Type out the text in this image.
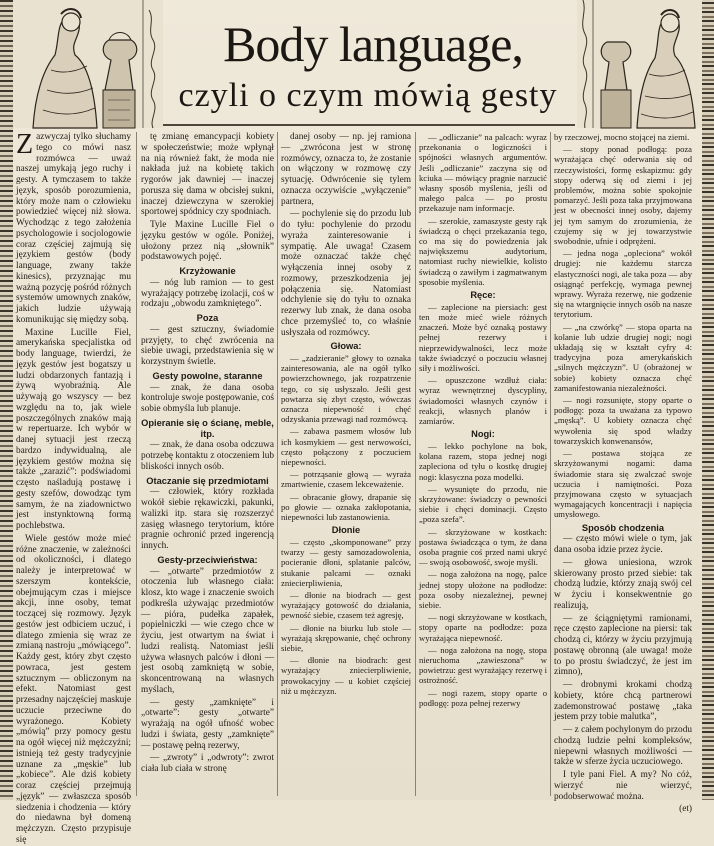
Body language,
czyli o czym mówią gesty

Zazwyczaj tylko słuchamy tego co mówi nasz rozmówca — uważ naszej umykają jego ruchy i gesty. A tymczasem to także język, sposób porozumienia, który może nam o człowieku powiedzieć więcej niż słowa. Wychodząc z tego założenia psychologowie i socjologowie coraz częściej zajmują się językiem gestów (body language, zwany także kinesics), przyznając mu ważną pozycję pośród różnych systemów umownych znaków, jakich ludzie używają komunikując się między sobą.

Maxine Lucille Fiel, amerykańska specjalistka od body language, twierdzi, że język gestów jest bogatszy u ludzi obdarzonych fantazją i żywą wyobraźnią. Ale używają go wszyscy — bez względu na to, jak wiele poszczególnych znaków mają w repertuarze. Ich wybór w danej sytuacji jest rzeczą bardzo indywidualną, ale językiem gestów można się także „zarazić”: podświadomi często naśladują postawę i gesty szefów, dowodząc tym samym, że na ziadownictwo jest instynktowną formą pochlebstwa.

Wiele gestów może mieć różne znaczenie, w zależności od okoliczności, i dlatego należy je interpretować w szerszym kontekście, obejmującym czas i miejsce akcji, inne osoby, temat toczącej się rozmowy. Język gestów jest odbiciem uczuć, i dlatego zmienia się wraz ze zmianą nastroju „mówiącego”. Każdy gest, który zbyt często powraca, jest gestem sztucznym — obliczonym na efekt. Natomiast gest przesadny najczęściej maskuje uczucie przeciwne do wyrażonego. Kobiety „mówią” przy pomocy gestu na ogół więcej niż mężczyźni; istnieją też gesty tradycyjnie uznane za „męskie” lub „kobiece”. Ale dziś kobiety coraz częściej przejmują „język” — zwłaszcza sposób siedzenia i chodzenia — który do niedawna był domeną mężczyzn. Często przypisuje się

tę zmianę emancypacji kobiety w społeczeństwie; może wpłynął na nią również fakt, że moda nie nakłada już na kobietę takich rygorów jak dawniej — inaczej porusza się dama w obcisłej sukni, inaczej dziewczyna w szerokiej sportowej spódnicy czy spodniach.

Tyle Maxine Lucille Fiel o języku gestów w ogóle. Poniżej, ułożony przez nią „słownik” podstawowych pojęć.

Krzyżowanie

— nóg lub ramion — to gest wyrażający potrzebę izolacji, coś w rodzaju „obwodu zamkniętego”.

Poza

— gest sztuczny, świadomie przyjęty, to chęć zwrócenia na siebie uwagi, przedstawienia się w korzystnym świetle.

Gesty powolne, staranne

— znak, że dana osoba kontroluje swoje postępowanie, coś sobie obmyśla lub planuje.

Opieranie się o ścianę, meble, itp.

— znak, że dana osoba odczuwa potrzebę kontaktu z otoczeniem lub bliskości innych osób.

Otaczanie się przedmiotami

— człowiek, który rozkłada wokół siebie rękawiczki, pakunki, walizki itp. stara się rozszerzyć zasięg własnego terytorium, które pragnie ochronić przed ingerencją innych.

Gesty-przeciwieństwa:

— „otwarte” przedmiotów z otoczenia lub własnego ciała: klosz, kto wage i znaczenie swoich podkreśla używając przedmiotów — pióra, pudełka zapałek, popielniczki — wie czego chce w życiu, jest otwartym na świat i ludzi realistą. Natomiast jeśli używa własnych palców i dłoni — jest osobą zamkniętą w sobie, skoncentrowaną na własnych myślach,

— gesty „zamknięte” i „otwarte”: gesty „otwarte” wyrażają na ogół ufność wobec ludzi i świata, gesty „zamknięte” — postawę pełną rezerwy,

— „zwroty” i „odwroty”: zwrot ciała lub ciała w stronę

danej osoby — np. jej ramiona — „zwrócona jest w stronę rozmówcy, oznacza to, że zostanie on włączony w rozmowę czy sytuację. Odwrócenie się tylem oznacza oczywiście „wyłączenie” partnera,

— pochylenie się do przodu lub do tyłu: pochylenie do przodu wyraża zainteresowanie i sympatię. Ale uwaga! Czasem może oznaczać także chęć wyłączenia innej osoby z rozmowy, przeszkodzenia jej połączenia się. Natomiast odchylenie się do tyłu to oznaka rezerwy lub znak, że dana osoba chce przemyśleć to, co właśnie usłyszała od rozmówcy.

Głowa:

— „zadzieranie” głowy to oznaka zainteresowania, ale na ogół tylko powierzchownego, jak rozpatrzenie tego, co się usłyszało. Jeśli gest powtarza się zbyt często, wówczas oznacza niepewność i chęć odzyskania przewagi nad rozmówcą.

— zabawa pasmem włosów lub ich kosmykiem — gest nerwowości, często połączony z poczuciem niepewności.

— potrząsanie głową — wyraża zmartwienie, czasem lekceważenie.

— obracanie głowy, drapanie się po głowie — oznaka zakłopotania, niepewności lub zastanowienia.

Dłonie

— często „skomponowane” przy twarzy — gesty samozadowolenia, pocieranie dłoni, splatanie palców, stukanie palcami — oznaki zniecierpliwienia,

— dłonie na biodrach — gest wyrażający gotowość do działania, pewność siebie, czasem też agresję,

— dłonie na biurku lub stole — wyrażają skrępowanie, chęć ochrony siebie,

— dłonie na biodrach: gest wyrażający zniecierpliwienie, prowokacyjny — u kobiet częściej niż u mężczyzn.

— „odliczanie” na palcach: wyraz przekonania o logiczności i spójności własnych argumentów. Jeśli „odliczanie” zaczyna się od kciuka — mówiący pragnie narzucić własny sposób myślenia, jeśli od małego palca — po prostu przekazuje nam informacje.

— szerokie, zamaszyste gesty rąk świadczą o chęci przekazania tego, co ma się do powiedzenia jak największemu audytorium, natomiast ruchy niewielkie, kolisto świadczą o zawiłym i zagmatwanym sposobie myślenia.

Ręce:

— zaplecione na piersiach: gest ten może mieć wiele różnych znaczeń. Może być oznaką postawy pełnej rezerwy i nieprzewidywalności, lecz może także świadczyć o poczuciu własnej siły i możliwości.

— opuszczone wzdłuż ciała: wyraz wewnętrznej dyscypliny, świadomości własnych czynów i reakcji, własnych planów i zamiarów.

Nogi:

— lekko pochylone na bok, kolana razem, stopa jednej nogi zapleciona od tyłu o kostkę drugiej nogi: klasyczna poza modelki.

— wysunięte do przodu, nie skrzyżowane: świadczy o pewności siebie i chęci dominacji. Często „poza szefa”.

— skrzyżowane w kostkach: postawa świadcząca o tym, że dana osoba pragnie coś przed nami ukryć — swoją osobowość, swoje myśli.

— noga założona na nogę, palce jednej stopy ułożone na podłodze: poza osoby niezależnej, pewnej siebie.

— nogi skrzyżowane w kostkach, stopy oparte na podłodze: poza wyrażająca niepewność.

— noga założona na nogę, stopa nieruchoma „zawieszona” w powietrzu: gest wyrażający rezerwę i ostrożność.

— nogi razem, stopy oparte o podłogę: poza pełnej rezerwy

by rzeczowej, mocno stojącej na ziemi.

— stopy ponad podłogą: poza wyrażająca chęć oderwania się od rzeczywistości, formę eskapizmu: gdy stopy oderwą się od ziemi i jej problemów, można sobie spokojnie pomarzyć. Jeśli poza taka przyjmowana jest w obecności innej osoby, dajemy jej tym samym do zrozumienia, że czujemy się w jej towarzystwie swobodnie, ufnie i odprężeni.

— jedna noga „opleciona” wokół drugiej: nie każdemu starcza elastyczności nogi, ale taka poza — aby osiągnąć perfekcję, wymaga pewnej wprawy. Wyraża rezerwę, nie godzenie się na wtargnięcie innych osób na nasze terytorium.

— „na czwórkę” — stopa oparta na kolanie lub udzie drugiej nogi; nogi układają się w kształt cyfry 4: tradycyjna poza amerykańskich „silnych mężczyzn”. U (obrażonej w sobie) kobiety oznacza chęć zamanifestowania niezależności.

— nogi rozsunięte, stopy oparte o podłogę: poza ta uważana za typowo „męską”. U kobiety oznacza chęć wywołenia się spod władzy towarzyskich konwenansów,

— postawa stojąca ze skrzyżowanymi nogami: dama świadomie stara się zwalczać swoje uczucia i namiętności. Poza przyjmowana często w sytuacjach wymagających koncentracji i napięcia umysłowego.

Sposób chodzenia

— często mówi wiele o tym, jak dana osoba idzie przez życie.

— głowa uniesiona, wzrok skierowany prosto przed siebie: tak chodzą ludzie, którzy znają swój cel w życiu i konsekwentnie go realizują,

— ze ściągniętymi ramionami, ręce często zaplecione na piersi: tak chodzą ci, którzy w życiu przyjmują postawę obronną (ale uwaga! może to po prostu świadczyć, że jest im zimno),

— drobnymi krokami chodzą kobiety, które chcą partnerowi zademonstrować postawę „taka jestem przy tobie malutka”,

— z całem pochylonym do przodu chodzą ludzie pełni kompleksów, niepewni własnych możliwości — także w sferze życia uczuciowego.

I tyle pani Fiel. A my? No cóż, wierzyć nie wierzyć, podobserwować można.

(et)
